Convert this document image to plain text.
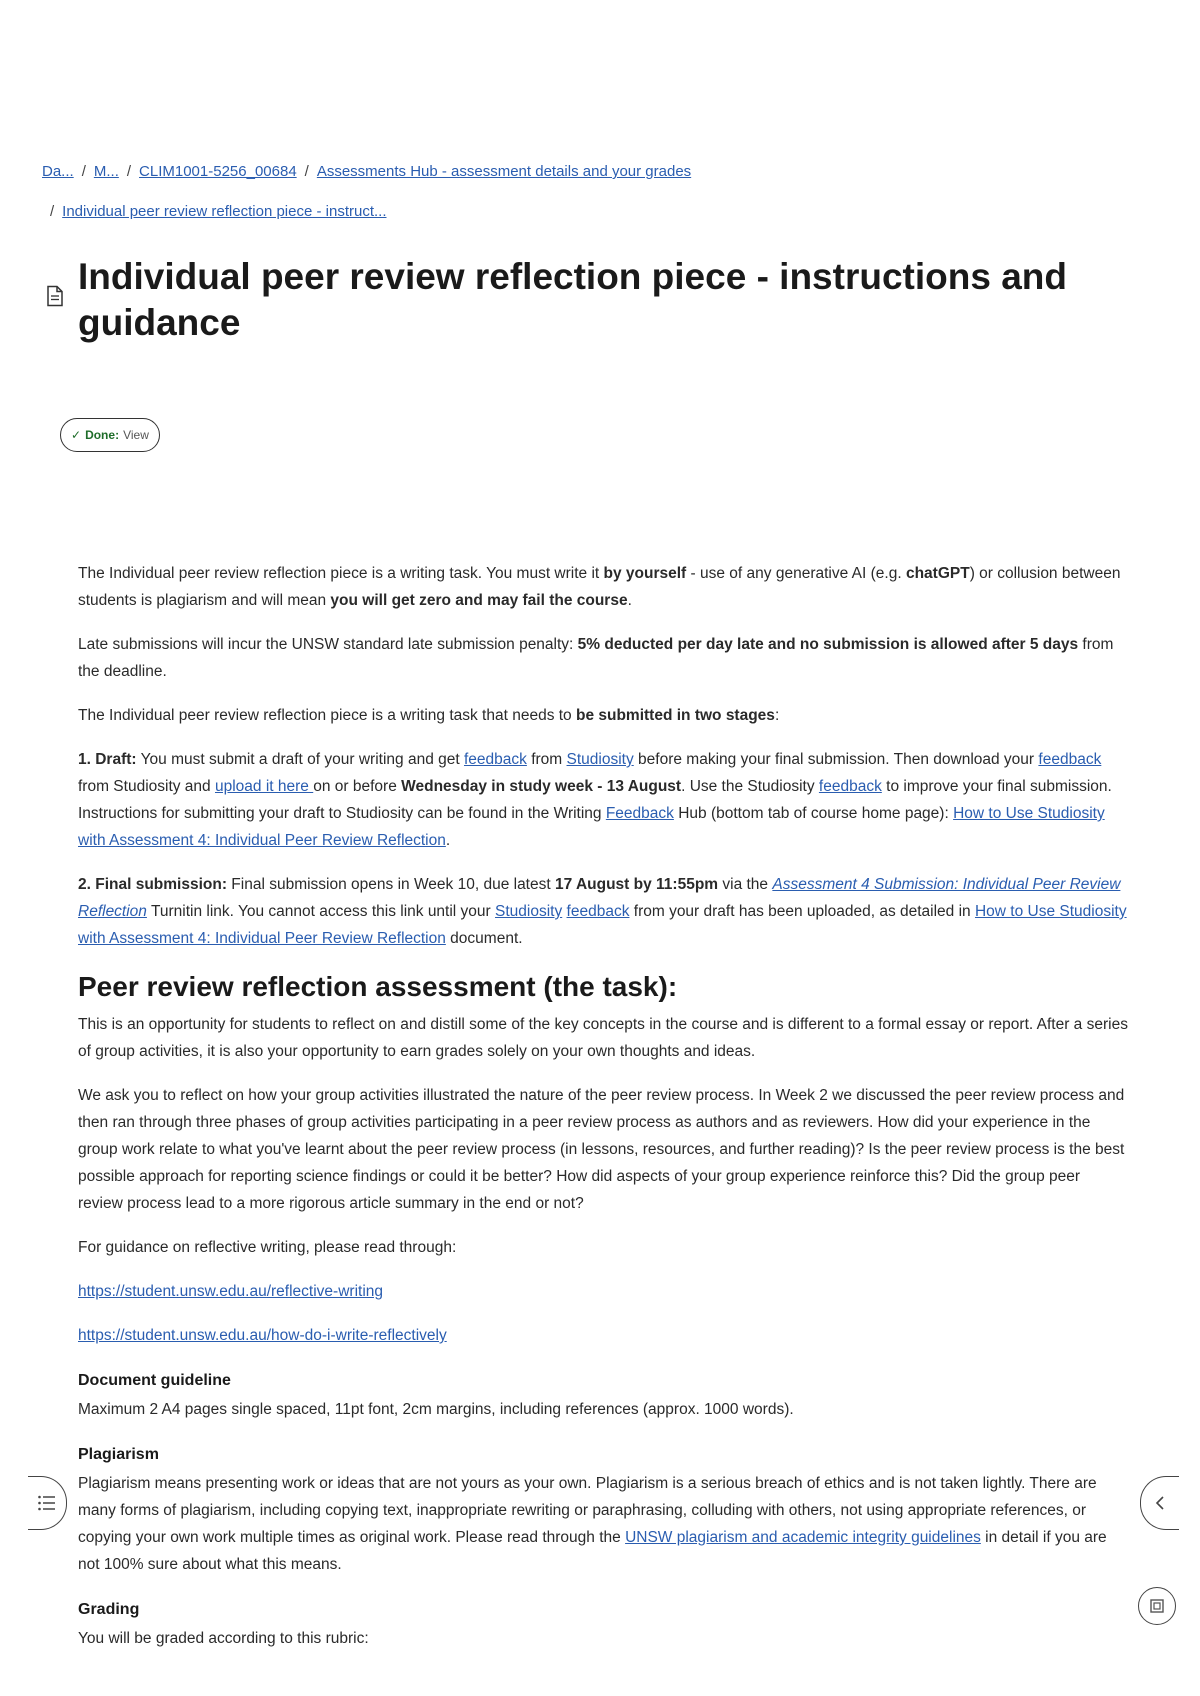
Da... / M... / CLIM1001-5256_00684 / Assessments Hub - assessment details and your grades
/ Individual peer review reflection piece - instruct...
Individual peer review reflection piece - instructions and guidance
✓ Done: View

The Individual peer review reflection piece is a writing task. You must write it by yourself - use of any generative AI (e.g. chatGPT) or collusion between students is plagiarism and will mean you will get zero and may fail the course.

Late submissions will incur the UNSW standard late submission penalty: 5% deducted per day late and no submission is allowed after 5 days from the deadline.

The Individual peer review reflection piece is a writing task that needs to be submitted in two stages:

1. Draft: You must submit a draft of your writing and get feedback from Studiosity before making your final submission. Then download your feedback from Studiosity and upload it here on or before Wednesday in study week - 13 August. Use the Studiosity feedback to improve your final submission. Instructions for submitting your draft to Studiosity can be found in the Writing Feedback Hub (bottom tab of course home page): How to Use Studiosity with Assessment 4: Individual Peer Review Reflection.

2. Final submission: Final submission opens in Week 10, due latest 17 August by 11:55pm via the Assessment 4 Submission: Individual Peer Review Reflection Turnitin link. You cannot access this link until your Studiosity feedback from your draft has been uploaded, as detailed in How to Use Studiosity with Assessment 4: Individual Peer Review Reflection document.

Peer review reflection assessment (the task):

This is an opportunity for students to reflect on and distill some of the key concepts in the course and is different to a formal essay or report. After a series of group activities, it is also your opportunity to earn grades solely on your own thoughts and ideas.

We ask you to reflect on how your group activities illustrated the nature of the peer review process. In Week 2 we discussed the peer review process and then ran through three phases of group activities participating in a peer review process as authors and as reviewers. How did your experience in the group work relate to what you've learnt about the peer review process (in lessons, resources, and further reading)? Is the peer review process is the best possible approach for reporting science findings or could it be better? How did aspects of your group experience reinforce this? Did the group peer review process lead to a more rigorous article summary in the end or not?

For guidance on reflective writing, please read through:

https://student.unsw.edu.au/reflective-writing

https://student.unsw.edu.au/how-do-i-write-reflectively

Document guideline

Maximum 2 A4 pages single spaced, 11pt font, 2cm margins, including references (approx. 1000 words).

Plagiarism

Plagiarism means presenting work or ideas that are not yours as your own. Plagiarism is a serious breach of ethics and is not taken lightly. There are many forms of plagiarism, including copying text, inappropriate rewriting or paraphrasing, colluding with others, not using appropriate references, or copying your own work multiple times as original work. Please read through the UNSW plagiarism and academic integrity guidelines in detail if you are not 100% sure about what this means.

Grading

You will be graded according to this rubric:
